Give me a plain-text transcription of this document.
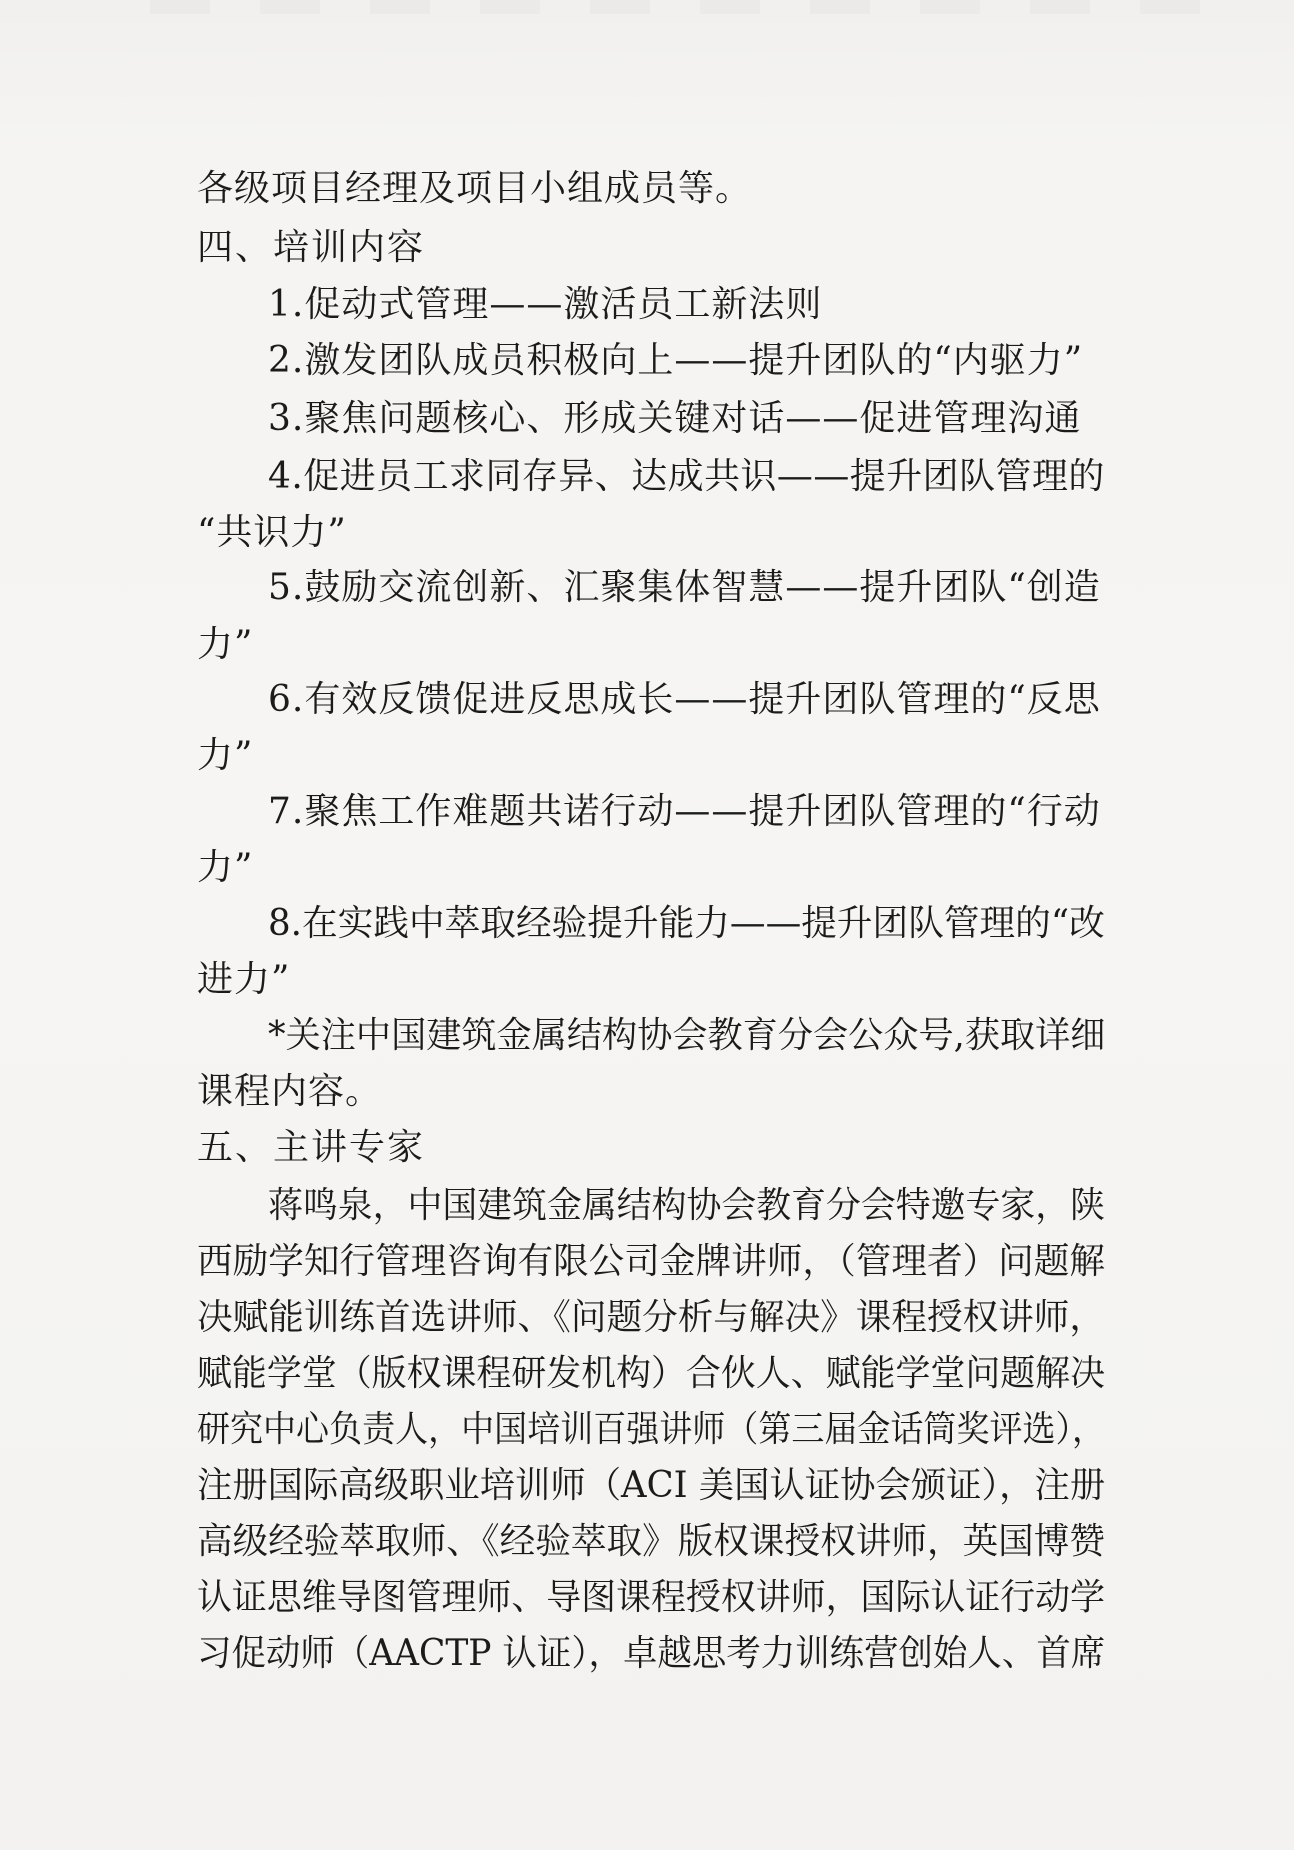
各级项目经理及项目小组成员等。
四、培训内容
1.促动式管理——激活员工新法则
2.激发团队成员积极向上——提升团队的“内驱力”
3.聚焦问题核心、形成关键对话——促进管理沟通
4.促进员工求同存异、达成共识——提升团队管理的
“共识力”
5.鼓励交流创新、汇聚集体智慧——提升团队“创造
力”
6.有效反馈促进反思成长——提升团队管理的“反思
力”
7.聚焦工作难题共诺行动——提升团队管理的“行动
力”
8.在实践中萃取经验提升能力——提升团队管理的“改
进力”
*关注中国建筑金属结构协会教育分会公众号,获取详细
课程内容。
五、主讲专家
蒋鸣泉，中国建筑金属结构协会教育分会特邀专家，陕
西励学知行管理咨询有限公司金牌讲师，（管理者）问题解
决赋能训练首选讲师、《问题分析与解决》课程授权讲师，
赋能学堂（版权课程研发机构）合伙人、赋能学堂问题解决
研究中心负责人，中国培训百强讲师（第三届金话筒奖评选），
注册国际高级职业培训师（ACI 美国认证协会颁证），注册
高级经验萃取师、《经验萃取》版权课授权讲师，英国博赞
认证思维导图管理师、导图课程授权讲师，国际认证行动学
习促动师（AACTP 认证），卓越思考力训练营创始人、首席
